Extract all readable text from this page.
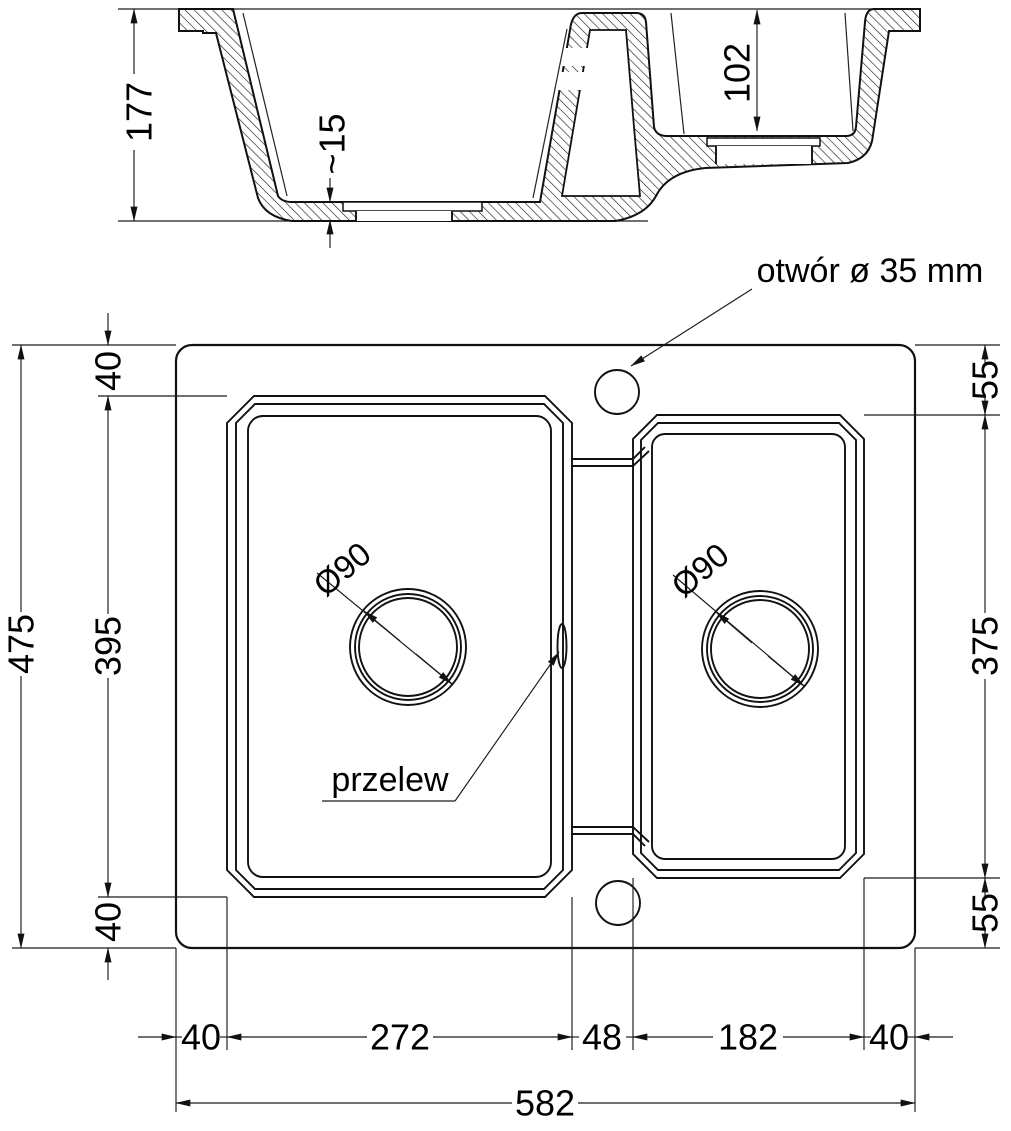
177
~15
102
otwór ø 35 mm
przelew
Ø90	Ø90
475 395
40
40
55
375
55
40	272	48	182	40
582
